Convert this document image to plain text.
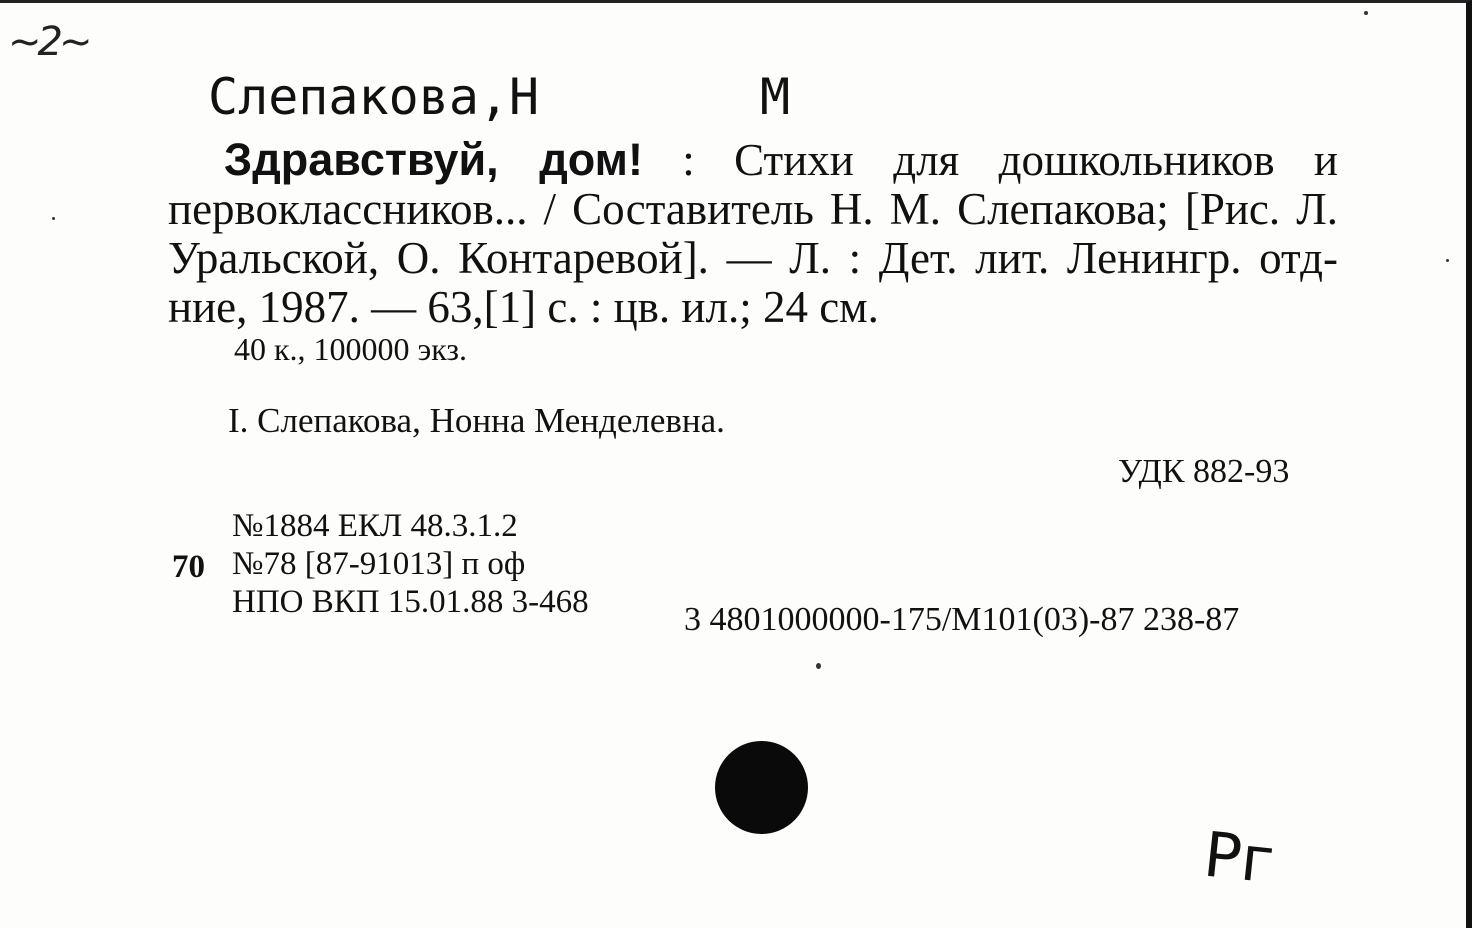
~2~
Слепакова,Н	М
Здравствуй, дом! : Стихи для дошкольников и первоклассников... / Составитель Н. М. Слепакова; [Рис. Л. Уральской, О. Контаревой]. — Л. : Дет. лит. Ленингр. отд-ние, 1987. — 63,[1] с. : цв. ил.; 24 см.
40 к., 100000 экз.
I. Слепакова, Нонна Менделевна.
УДК 882-93
№1884 ЕКЛ 48.3.1.2
№78 [87-91013] п оф
НПО ВКП 15.01.88 3-468
70
3 4801000000-175/М101(03)-87 238-87
Рг
